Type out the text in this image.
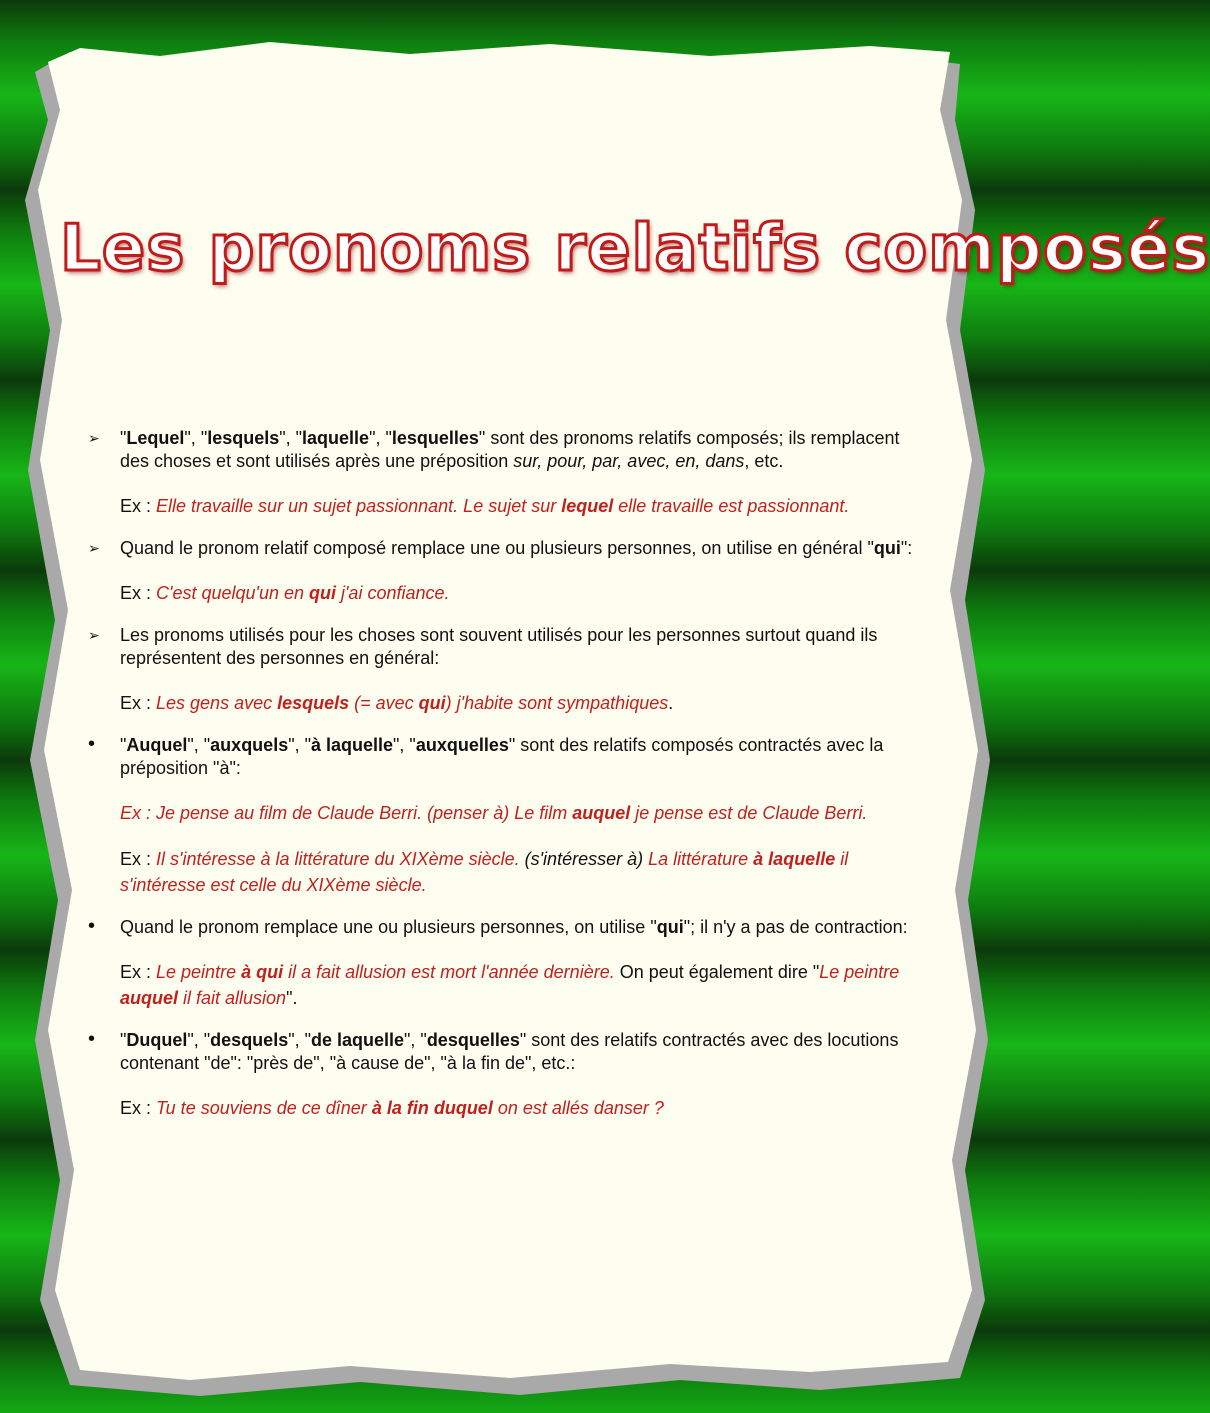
Les pronoms relatifs composés
➢	"Lequel", "lesquels", "laquelle", "lesquelles" sont des pronoms relatifs composés; ils remplacent des choses et sont utilisés après une préposition sur, pour, par, avec, en, dans, etc.
Ex : Elle travaille sur un sujet passionnant. Le sujet sur lequel elle travaille est passionnant.
➢	Quand le pronom relatif composé remplace une ou plusieurs personnes, on utilise en général "qui":
Ex : C'est quelqu'un en qui j'ai confiance.
➢	Les pronoms utilisés pour les choses sont souvent utilisés pour les personnes surtout quand ils représentent des personnes en général:
Ex : Les gens avec lesquels (= avec qui) j'habite sont sympathiques.
•	"Auquel", "auxquels", "à laquelle", "auxquelles" sont des relatifs composés contractés avec la préposition "à":
Ex : Je pense au film de Claude Berri. (penser à) Le film auquel je pense est de Claude Berri.
Ex : Il s'intéresse à la littérature du XIXème siècle. (s'intéresser à) La littérature à laquelle il s'intéresse est celle du XIXème siècle.
•	Quand le pronom remplace une ou plusieurs personnes, on utilise "qui"; il n'y a pas de contraction:
Ex : Le peintre à qui il a fait allusion est mort l'année dernière. On peut également dire "Le peintre auquel il fait allusion".
•	"Duquel", "desquels", "de laquelle", "desquelles" sont des relatifs contractés avec des locutions contenant "de": "près de", "à cause de", "à la fin de", etc.:
Ex : Tu te souviens de ce dîner à la fin duquel on est allés danser ?
